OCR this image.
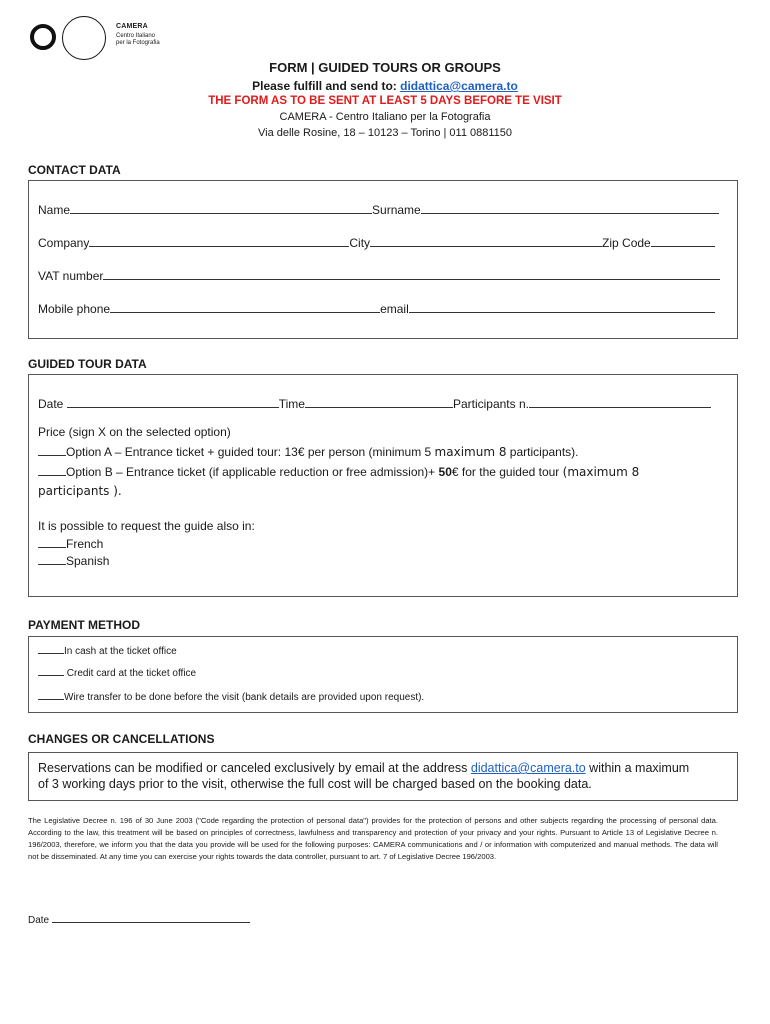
CAMERA
Centro Italiano
per la Fotografia
FORM | GUIDED TOURS OR GROUPS
Please fulfill and send to: didattica@camera.to
THE FORM AS TO BE SENT AT LEAST 5 DAYS BEFORE TE VISIT
CAMERA - Centro Italiano per la Fotografia
Via delle Rosine, 18 – 10123 – Torino | 011 0881150
CONTACT DATA
Name	Surname
Company	City	Zip Code
VAT number
Mobile phone	email
GUIDED TOUR DATA
Date	Time	Participants n.
Price (sign X on the selected option)
Option A – Entrance ticket + guided tour: 13€ per person (minimum 5 maximum 8 participants).
Option B – Entrance ticket (if applicable reduction or free admission)+ 50€ for the guided tour (maximum 8
participants ).
It is possible to request the guide also in:
French
Spanish
PAYMENT METHOD
In cash at the ticket office
Credit card at the ticket office
Wire transfer to be done before the visit (bank details are provided upon request).
CHANGES OR CANCELLATIONS
Reservations can be modified or canceled exclusively by email at the address didattica@camera.to within a maximum
of 3 working days prior to the visit, otherwise the full cost will be charged based on the booking data.
The Legislative Decree n. 196 of 30 June 2003 ("Code regarding the protection of personal data") provides for the protection of persons and other subjects regarding the processing of personal data. According to the law, this treatment will be based on principles of correctness, lawfulness and transparency and protection of your privacy and your rights. Pursuant to Article 13 of Legislative Decree n. 196/2003, therefore, we inform you that the data you provide will be used for the following purposes: CAMERA communications and / or information with computerized and manual methods. The data will not be disseminated. At any time you can exercise your rights towards the data controller, pursuant to art. 7 of Legislative Decree 196/2003.
Date
